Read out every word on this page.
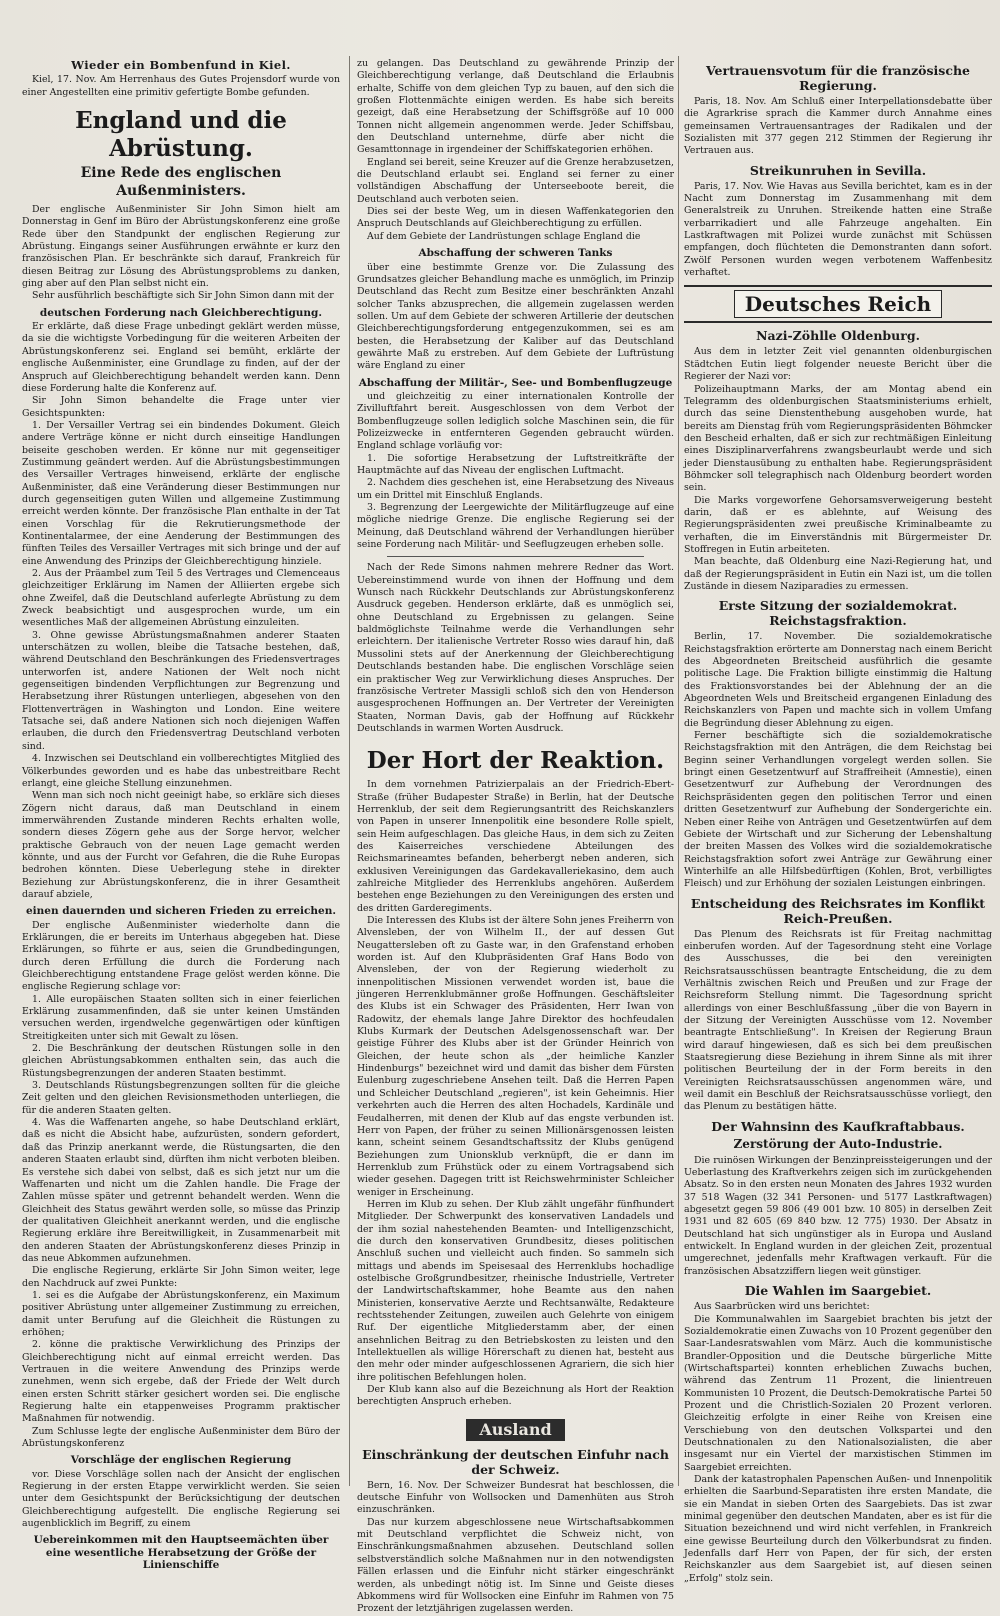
Wieder ein Bombenfund in Kiel.

Kiel, 17. Nov. Am Herrenhaus des Gutes Projensdorf wurde von einer Angestellten eine primitiv gefertigte Bombe gefunden.

England und die Abrüstung.
Eine Rede des englischen Außenministers.

Der englische Außenminister Sir John Simon hielt am Donnerstag in Genf im Büro der Abrüstungskonferenz eine große Rede über den Standpunkt der englischen Regierung zur Abrüstung. Eingangs seiner Ausführungen erwähnte er kurz den französischen Plan. Er beschränkte sich darauf, Frankreich für diesen Beitrag zur Lösung des Abrüstungsproblems zu danken, ging aber auf den Plan selbst nicht ein.

Sehr ausführlich beschäftigte sich Sir John Simon dann mit der

deutschen Forderung nach Gleichberechtigung.

Er erklärte, daß diese Frage unbedingt geklärt werden müsse, da sie die wichtigste Vorbedingung für die weiteren Arbeiten der Abrüstungskonferenz sei. England sei bemüht, erklärte der englische Außenminister, eine Grundlage zu finden, auf der der Anspruch auf Gleichberechtigung behandelt werden kann. Denn diese Forderung halte die Konferenz auf.

Sir John Simon behandelte die Frage unter vier Gesichtspunkten:

1. Der Versailler Vertrag sei ein bindendes Dokument. Gleich andere Verträge könne er nicht durch einseitige Handlungen beiseite geschoben werden. Er könne nur mit gegenseitiger Zustimmung geändert werden. Auf die Abrüstungsbestimmungen des Versailler Vertrages hinweisend, erklärte der englische Außenminister, daß eine Veränderung dieser Bestimmungen nur durch gegenseitigen guten Willen und allgemeine Zustimmung erreicht werden könnte. Der französische Plan enthalte in der Tat einen Vorschlag für die Rekrutierungsmethode der Kontinentalarmee, der eine Aenderung der Bestimmungen des fünften Teiles des Versailler Vertrages mit sich bringe und der auf eine Anwendung des Prinzips der Gleichberechtigung hinziele.

2. Aus der Präambel zum Teil 5 des Vertrages und Clemenceaus gleichzeitiger Erklärung im Namen der Alliierten ergebe sich ohne Zweifel, daß die Deutschland auferlegte Abrüstung zu dem Zweck beabsichtigt und ausgesprochen wurde, um ein wesentliches Maß der allgemeinen Abrüstung einzuleiten.

3. Ohne gewisse Abrüstungsmaßnahmen anderer Staaten unterschätzen zu wollen, bleibe die Tatsache bestehen, daß, während Deutschland den Beschränkungen des Friedensvertrages unterworfen ist, andere Nationen der Welt noch nicht gegenseitigen bindenden Verpflichtungen zur Begrenzung und Herabsetzung ihrer Rüstungen unterliegen, abgesehen von den Flottenverträgen in Washington und London. Eine weitere Tatsache sei, daß andere Nationen sich noch diejenigen Waffen erlauben, die durch den Friedensvertrag Deutschland verboten sind.

4. Inzwischen sei Deutschland ein vollberechtigtes Mitglied des Völkerbundes geworden und es habe das unbestreitbare Recht erlangt, eine gleiche Stellung einzunehmen.

Wenn man sich noch nicht geeinigt habe, so erkläre sich dieses Zögern nicht daraus, daß man Deutschland in einem immerwährenden Zustande minderen Rechts erhalten wolle, sondern dieses Zögern gehe aus der Sorge hervor, welcher praktische Gebrauch von der neuen Lage gemacht werden könnte, und aus der Furcht vor Gefahren, die die Ruhe Europas bedrohen könnten. Diese Ueberlegung stehe in direkter Beziehung zur Abrüstungskonferenz, die in ihrer Gesamtheit darauf abziele,

einen dauernden und sicheren Frieden zu erreichen.

Der englische Außenminister wiederholte dann die Erklärungen, die er bereits im Unterhaus abgegeben hat. Diese Erklärungen, so führte er aus, seien die Grundbedingungen, durch deren Erfüllung die durch die Forderung nach Gleichberechtigung entstandene Frage gelöst werden könne. Die englische Regierung schlage vor:

1. Alle europäischen Staaten sollten sich in einer feierlichen Erklärung zusammenfinden, daß sie unter keinen Umständen versuchen werden, irgendwelche gegenwärtigen oder künftigen Streitigkeiten unter sich mit Gewalt zu lösen.

2. Die Beschränkung der deutschen Rüstungen solle in den gleichen Abrüstungsabkommen enthalten sein, das auch die Rüstungsbegrenzungen der anderen Staaten bestimmt.

3. Deutschlands Rüstungsbegrenzungen sollten für die gleiche Zeit gelten und den gleichen Revisionsmethoden unterliegen, die für die anderen Staaten gelten.

4. Was die Waffenarten angehe, so habe Deutschland erklärt, daß es nicht die Absicht habe, aufzurüsten, sondern gefordert, daß das Prinzip anerkannt werde, die Rüstungsarten, die den anderen Staaten erlaubt sind, dürften ihm nicht verboten bleiben. Es verstehe sich dabei von selbst, daß es sich jetzt nur um die Waffenarten und nicht um die Zahlen handle. Die Frage der Zahlen müsse später und getrennt behandelt werden. Wenn die Gleichheit des Status gewährt werden solle, so müsse das Prinzip der qualitativen Gleichheit anerkannt werden, und die englische Regierung erkläre ihre Bereitwilligkeit, in Zusammenarbeit mit den anderen Staaten der Abrüstungskonferenz dieses Prinzip in das neue Abkommen aufzunehmen.

Die englische Regierung, erklärte Sir John Simon weiter, lege den Nachdruck auf zwei Punkte:

1. sei es die Aufgabe der Abrüstungskonferenz, ein Maximum positiver Abrüstung unter allgemeiner Zustimmung zu erreichen, damit unter Berufung auf die Gleichheit die Rüstungen zu erhöhen;

2. könne die praktische Verwirklichung des Prinzips der Gleichberechtigung nicht auf einmal erreicht werden. Das Vertrauen in die weitere Anwendung des Prinzips werde zunehmen, wenn sich ergebe, daß der Friede der Welt durch einen ersten Schritt stärker gesichert worden sei. Die englische Regierung halte ein etappenweises Programm praktischer Maßnahmen für notwendig.

Zum Schlusse legte der englische Außenminister dem Büro der Abrüstungskonferenz

Vorschläge der englischen Regierung

vor. Diese Vorschläge sollen nach der Ansicht der englischen Regierung in der ersten Etappe verwirklicht werden. Sie seien unter dem Gesichtspunkt der Berücksichtigung der deutschen Gleichberechtigung aufgestellt. Die englische Regierung sei augenblicklich im Begriff, zu einem

Uebereinkommen mit den Hauptseemächten über eine wesentliche Herabsetzung der Größe der Linienschiffe

zu gelangen. Das Deutschland zu gewährende Prinzip der Gleichberechtigung verlange, daß Deutschland die Erlaubnis erhalte, Schiffe von dem gleichen Typ zu bauen, auf den sich die großen Flottenmächte einigen werden. Es habe sich bereits gezeigt, daß eine Herabsetzung der Schiffsgröße auf 10 000 Tonnen nicht allgemein angenommen werde. Jeder Schiffsbau, den Deutschland unternehme, dürfe aber nicht die Gesamttonnage in irgendeiner der Schiffskategorien erhöhen.

England sei bereit, seine Kreuzer auf die Grenze herabzusetzen, die Deutschland erlaubt sei. England sei ferner zu einer vollständigen Abschaffung der Unterseeboote bereit, die Deutschland auch verboten seien.

Dies sei der beste Weg, um in diesen Waffenkategorien den Anspruch Deutschlands auf Gleichberechtigung zu erfüllen.

Auf dem Gebiete der Landrüstungen schlage England die

Abschaffung der schweren Tanks

über eine bestimmte Grenze vor. Die Zulassung des Grundsatzes gleicher Behandlung mache es unmöglich, im Prinzip Deutschland das Recht zum Besitze einer beschränkten Anzahl solcher Tanks abzusprechen, die allgemein zugelassen werden sollen. Um auf dem Gebiete der schweren Artillerie der deutschen Gleichberechtigungsforderung entgegenzukommen, sei es am besten, die Herabsetzung der Kaliber auf das Deutschland gewährte Maß zu erstreben. Auf dem Gebiete der Luftrüstung wäre England zu einer

Abschaffung der Militär-, See- und Bombenflugzeuge

und gleichzeitig zu einer internationalen Kontrolle der Zivilluftfahrt bereit. Ausgeschlossen von dem Verbot der Bombenflugzeuge sollen lediglich solche Maschinen sein, die für Polizeizwecke in entfernteren Gegenden gebraucht würden. England schlage vorläufig vor:

1. Die sofortige Herabsetzung der Luftstreitkräfte der Hauptmächte auf das Niveau der englischen Luftmacht.

2. Nachdem dies geschehen ist, eine Herabsetzung des Niveaus um ein Drittel mit Einschluß Englands.

3. Begrenzung der Leergewichte der Militärflugzeuge auf eine mögliche niedrige Grenze. Die englische Regierung sei der Meinung, daß Deutschland während der Verhandlungen hierüber seine Forderung nach Militär- und Seeflugzeugen erheben solle.

Nach der Rede Simons nahmen mehrere Redner das Wort. Uebereinstimmend wurde von ihnen der Hoffnung und dem Wunsch nach Rückkehr Deutschlands zur Abrüstungskonferenz Ausdruck gegeben. Henderson erklärte, daß es unmöglich sei, ohne Deutschland zu Ergebnissen zu gelangen. Seine baldmöglichste Teilnahme werde die Verhandlungen sehr erleichtern. Der italienische Vertreter Rosso wies darauf hin, daß Mussolini stets auf der Anerkennung der Gleichberechtigung Deutschlands bestanden habe. Die englischen Vorschläge seien ein praktischer Weg zur Verwirklichung dieses Anspruches. Der französische Vertreter Massigli schloß sich den von Henderson ausgesprochenen Hoffnungen an. Der Vertreter der Vereinigten Staaten, Norman Davis, gab der Hoffnung auf Rückkehr Deutschlands in warmen Worten Ausdruck.

Der Hort der Reaktion.

In dem vornehmen Patrizierpalais an der Friedrich-Ebert-Straße (früher Budapester Straße) in Berlin, hat der Deutsche Herrenklub, der seit dem Regierungsantritt des Reichskanzlers von Papen in unserer Innenpolitik eine besondere Rolle spielt, sein Heim aufgeschlagen. Das gleiche Haus, in dem sich zu Zeiten des Kaiserreiches verschiedene Abteilungen des Reichsmarineamtes befanden, beherbergt neben anderen, sich exklusiven Vereinigungen das Gardekavalleriekasino, dem auch zahlreiche Mitglieder des Herrenklubs angehören. Außerdem bestehen enge Beziehungen zu den Vereinigungen des ersten und des dritten Garderegiments.

Die Interessen des Klubs ist der ältere Sohn jenes Freiherrn von Alvensleben, der von Wilhelm II., der auf dessen Gut Neugattersleben oft zu Gaste war, in den Grafenstand erhoben worden ist. Auf den Klubpräsidenten Graf Hans Bodo von Alvensleben, der von der Regierung wiederholt zu innenpolitischen Missionen verwendet worden ist, baue die jüngeren Herrenklubmänner große Hoffnungen. Geschäftsleiter des Klubs ist ein Schwager des Präsidenten, Herr Iwan von Radowitz, der ehemals lange Jahre Direktor des hochfeudalen Klubs Kurmark der Deutschen Adelsgenossenschaft war. Der geistige Führer des Klubs aber ist der Gründer Heinrich von Gleichen, der heute schon als „der heimliche Kanzler Hindenburgs" bezeichnet wird und damit das bisher dem Fürsten Eulenburg zugeschriebene Ansehen teilt. Daß die Herren Papen und Schleicher Deutschland „regieren", ist kein Geheimnis. Hier verkehrten auch die Herren des alten Hochadels, Kardinäle und Feudalherren, mit denen der Klub auf das engste verbunden ist. Herr von Papen, der früher zu seinen Millionärsgenossen leisten kann, scheint seinem Gesandtschaftssitz der Klubs genügend Beziehungen zum Unionsklub verknüpft, die er dann im Herrenklub zum Frühstück oder zu einem Vortragsabend sich wieder gesehen. Dagegen tritt ist Reichswehrminister Schleicher weniger in Erscheinung.

Herren im Klub zu sehen. Der Klub zählt ungefähr fünfhundert Mitglieder. Der Schwerpunkt des konservativen Landadels und der ihm sozial nahestehenden Beamten- und Intelligenzschicht, die durch den konservativen Grundbesitz, dieses politischen Anschluß suchen und vielleicht auch finden. So sammeln sich mittags und abends im Speisesaal des Herrenklubs hochadlige ostelbische Großgrundbesitzer, rheinische Industrielle, Vertreter der Landwirtschaftskammer, hohe Beamte aus den nahen Ministerien, konservative Aerzte und Rechtsanwälte, Redakteure rechtsstehender Zeitungen, zuweilen auch Gelehrte von einigem Ruf. Der eigentliche Mitgliederstamm aber, der einen ansehnlichen Beitrag zu den Betriebskosten zu leisten und den Intellektuellen als willige Hörerschaft zu dienen hat, besteht aus den mehr oder minder aufgeschlossenen Agrariern, die sich hier ihre politischen Befehlungen holen.

Der Klub kann also auf die Bezeichnung als Hort der Reaktion berechtigten Anspruch erheben.

Ausland
Einschränkung der deutschen Einfuhr nach der Schweiz.

Bern, 16. Nov. Der Schweizer Bundesrat hat beschlossen, die deutsche Einfuhr von Wollsocken und Damenhüten aus Stroh einzuschränken.

Das nur kurzem abgeschlossene neue Wirtschaftsabkommen mit Deutschland verpflichtet die Schweiz nicht, von Einschränkungsmaßnahmen abzusehen. Deutschland sollen selbstverständlich solche Maßnahmen nur in den notwendigsten Fällen erlassen und die Einfuhr nicht stärker eingeschränkt werden, als unbedingt nötig ist. Im Sinne und Geiste dieses Abkommens wird für Wollsocken eine Einfuhr im Rahmen von 75 Prozent der letztjährigen zugelassen werden.

Vertrauensvotum für die französische Regierung.

Paris, 18. Nov. Am Schluß einer Interpellationsdebatte über die Agrarkrise sprach die Kammer durch Annahme eines gemeinsamen Vertrauensantrages der Radikalen und der Sozialisten mit 377 gegen 212 Stimmen der Regierung ihr Vertrauen aus.

Streikunruhen in Sevilla.

Paris, 17. Nov. Wie Havas aus Sevilla berichtet, kam es in der Nacht zum Donnerstag im Zusammenhang mit dem Generalstreik zu Unruhen. Streikende hatten eine Straße verbarrikadiert und alle Fahrzeuge angehalten. Ein Lastkraftwagen mit Polizei wurde zunächst mit Schüssen empfangen, doch flüchteten die Demonstranten dann sofort. Zwölf Personen wurden wegen verbotenem Waffenbesitz verhaftet.

Deutsches Reich
Nazi-Zöhlle Oldenburg.

Aus dem in letzter Zeit viel genannten oldenburgischen Städtchen Eutin liegt folgender neueste Bericht über die Regierer der Nazi vor:

Polizeihauptmann Marks, der am Montag abend ein Telegramm des oldenburgischen Staatsministeriums erhielt, durch das seine Dienstenthebung ausgehoben wurde, hat bereits am Dienstag früh vom Regierungspräsidenten Böhmcker den Bescheid erhalten, daß er sich zur rechtmäßigen Einleitung eines Disziplinarverfahrens zwangsbeurlaubt werde und sich jeder Dienstausübung zu enthalten habe. Regierungspräsident Böhmcker soll telegraphisch nach Oldenburg beordert worden sein.

Die Marks vorgeworfene Gehorsamsverweigerung besteht darin, daß er es ablehnte, auf Weisung des Regierungspräsidenten zwei preußische Kriminalbeamte zu verhaften, die im Einverständnis mit Bürgermeister Dr. Stoffregen in Eutin arbeiteten.

Man beachte, daß Oldenburg eine Nazi-Regierung hat, und daß der Regierungspräsident in Eutin ein Nazi ist, um die tollen Zustände in diesem Naziparadies zu ermessen.

Erste Sitzung der sozialdemokrat. Reichstagsfraktion.

Berlin, 17. November. Die sozialdemokratische Reichstagsfraktion erörterte am Donnerstag nach einem Bericht des Abgeordneten Breitscheid ausführlich die gesamte politische Lage. Die Fraktion billigte einstimmig die Haltung des Fraktionsvorstandes bei der Ablehnung der an die Abgeordneten Wels und Breitscheid ergangenen Einladung des Reichskanzlers von Papen und machte sich in vollem Umfang die Begründung dieser Ablehnung zu eigen.

Ferner beschäftigte sich die sozialdemokratische Reichstagsfraktion mit den Anträgen, die dem Reichstag bei Beginn seiner Verhandlungen vorgelegt werden sollen. Sie bringt einen Gesetzentwurf auf Straffreiheit (Amnestie), einen Gesetzentwurf zur Aufhebung der Verordnungen des Reichspräsidenten gegen den politischen Terror und einen dritten Gesetzentwurf zur Aufhebung der Sondergerichte ein. Neben einer Reihe von Anträgen und Gesetzentwürfen auf dem Gebiete der Wirtschaft und zur Sicherung der Lebenshaltung der breiten Massen des Volkes wird die sozialdemokratische Reichstagsfraktion sofort zwei Anträge zur Gewährung einer Winterhilfe an alle Hilfsbedürftigen (Kohlen, Brot, verbilligtes Fleisch) und zur Erhöhung der sozialen Leistungen einbringen.

Entscheidung des Reichsrates im Konflikt Reich-Preußen.

Das Plenum des Reichsrats ist für Freitag nachmittag einberufen worden. Auf der Tagesordnung steht eine Vorlage des Ausschusses, die bei den vereinigten Reichsratsausschüssen beantragte Entscheidung, die zu dem Verhältnis zwischen Reich und Preußen und zur Frage der Reichsreform Stellung nimmt. Die Tagesordnung spricht allerdings von einer Beschlußfassung „über die von Bayern in der Sitzung der Vereinigten Ausschüsse vom 12. November beantragte Entschließung". In Kreisen der Regierung Braun wird darauf hingewiesen, daß es sich bei dem preußischen Staatsregierung diese Beziehung in ihrem Sinne als mit ihrer politischen Beurteilung der in der Form bereits in den Vereinigten Reichsratsausschüssen angenommen wäre, und weil damit ein Beschluß der Reichsratsausschüsse vorliegt, den das Plenum zu bestätigen hätte.

Der Wahnsinn des Kaufkraftabbaus.
Zerstörung der Auto-Industrie.

Die ruinösen Wirkungen der Benzinpreissteigerungen und der Ueberlastung des Kraftverkehrs zeigen sich im zurückgehenden Absatz. So in den ersten neun Monaten des Jahres 1932 wurden 37 518 Wagen (32 341 Personen- und 5177 Lastkraftwagen) abgesetzt gegen 59 806 (49 001 bzw. 10 805) in derselben Zeit 1931 und 82 605 (69 840 bzw. 12 775) 1930. Der Absatz in Deutschland hat sich ungünstiger als in Europa und Ausland entwickelt. In England wurden in der gleichen Zeit, prozentual umgerechnet, jedenfalls mehr Kraftwagen verkauft. Für die französischen Absatzziffern liegen weit günstiger.

Die Wahlen im Saargebiet.

Aus Saarbrücken wird uns berichtet:

Die Kommunalwahlen im Saargebiet brachten bis jetzt der Sozialdemokratie einen Zuwachs von 10 Prozent gegenüber den Saar-Landesratswahlen vom März. Auch die kommunistische Brandler-Opposition und die Deutsche bürgerliche Mitte (Wirtschaftspartei) konnten erheblichen Zuwachs buchen, während das Zentrum 11 Prozent, die linientreuen Kommunisten 10 Prozent, die Deutsch-Demokratische Partei 50 Prozent und die Christlich-Sozialen 20 Prozent verloren. Gleichzeitig erfolgte in einer Reihe von Kreisen eine Verschiebung von den deutschen Volkspartei und den Deutschnationalen zu den Nationalsozialisten, die aber insgesamt nur ein Viertel der marxistischen Stimmen im Saargebiet erreichten.

Dank der katastrophalen Papenschen Außen- und Innenpolitik erhielten die Saarbund-Separatisten ihre ersten Mandate, die sie ein Mandat in sieben Orten des Saargebiets. Das ist zwar minimal gegenüber den deutschen Mandaten, aber es ist für die Situation bezeichnend und wird nicht verfehlen, in Frankreich eine gewisse Beurteilung durch den Völkerbundsrat zu finden. Jedenfalls darf Herr von Papen, der für sich, der ersten Reichskanzler aus dem Saargebiet ist, auf diesen seinen „Erfolg" stolz sein.
